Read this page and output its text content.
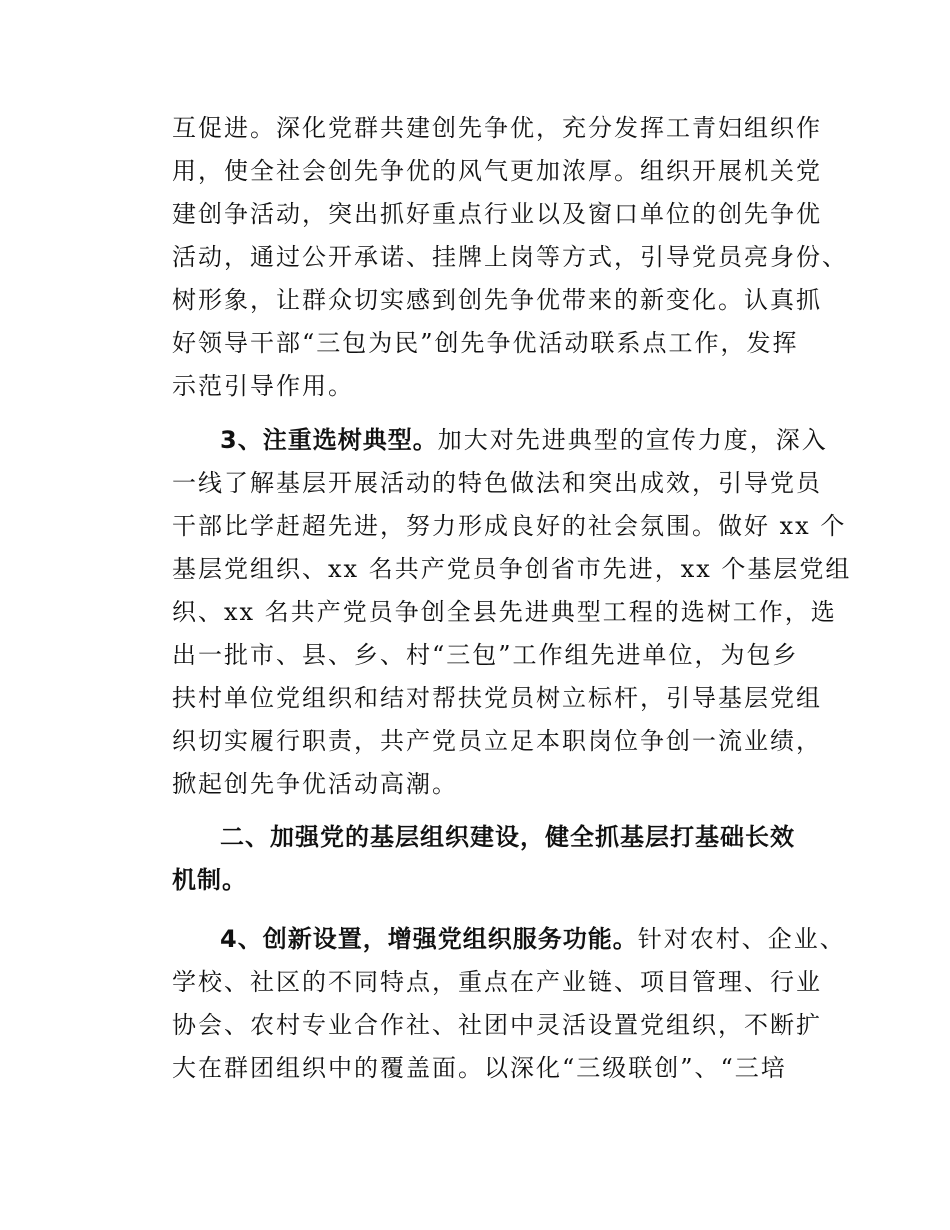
互促进。深化党群共建创先争优，充分发挥工青妇组织作
用，使全社会创先争优的风气更加浓厚。组织开展机关党
建创争活动，突出抓好重点行业以及窗口单位的创先争优
活动，通过公开承诺、挂牌上岗等方式，引导党员亮身份、
树形象，让群众切实感到创先争优带来的新变化。认真抓
好领导干部“三包为民”创先争优活动联系点工作，发挥
示范引导作用。
3、注重选树典型。加大对先进典型的宣传力度，深入
一线了解基层开展活动的特色做法和突出成效，引导党员
干部比学赶超先进，努力形成良好的社会氛围。做好 xx 个
基层党组织、xx 名共产党员争创省市先进，xx 个基层党组
织、xx 名共产党员争创全县先进典型工程的选树工作，选
出一批市、县、乡、村“三包”工作组先进单位，为包乡
扶村单位党组织和结对帮扶党员树立标杆，引导基层党组
织切实履行职责，共产党员立足本职岗位争创一流业绩，
掀起创先争优活动高潮。
二、加强党的基层组织建设，健全抓基层打基础长效
机制。
4、创新设置，增强党组织服务功能。针对农村、企业、
学校、社区的不同特点，重点在产业链、项目管理、行业
协会、农村专业合作社、社团中灵活设置党组织，不断扩
大在群团组织中的覆盖面。以深化“三级联创”、“三培
